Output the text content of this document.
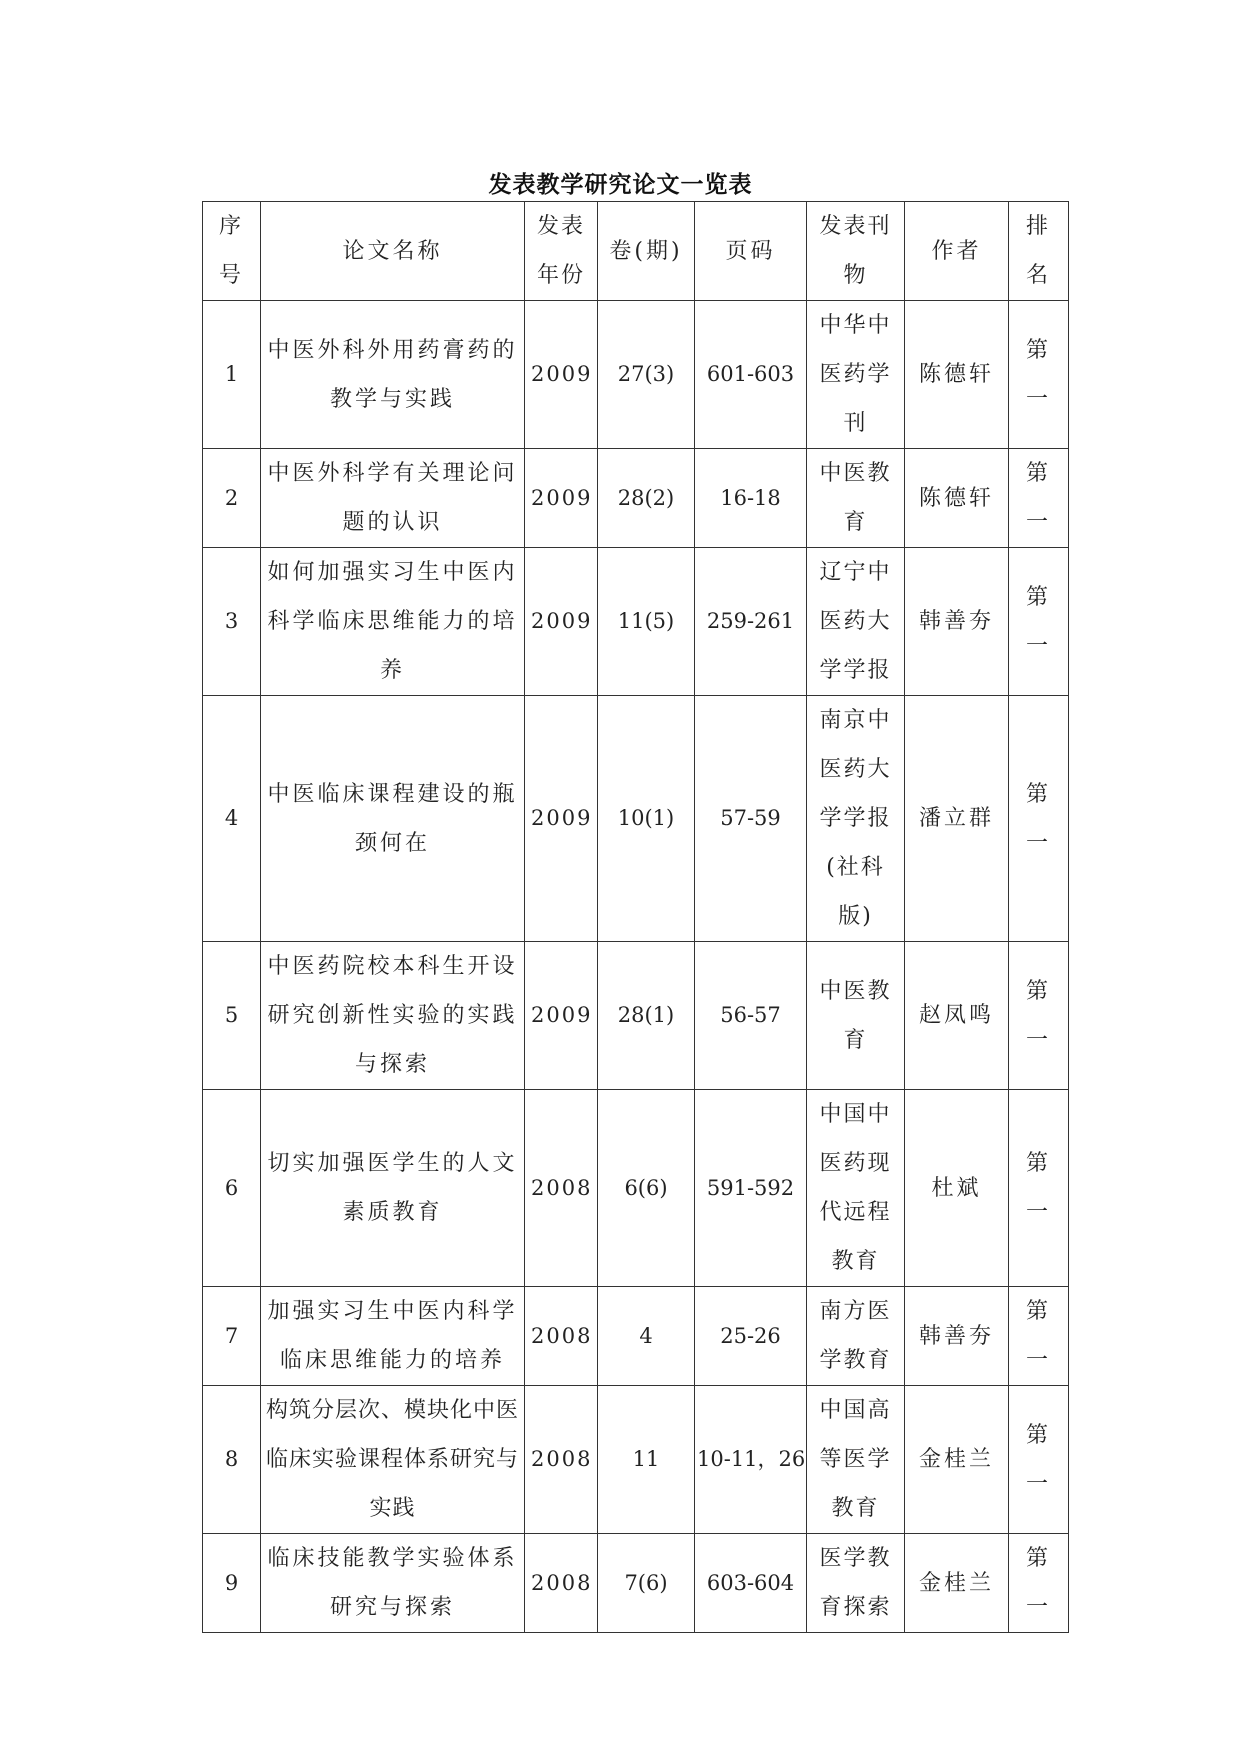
发表教学研究论文一览表
序号	论文名称	发表年份	卷(期)	页码	发表刊物	作者	排名
1	中医外科外用药膏药的教学与实践	2009	27(3)	601-603	中华中医药学刊	陈德轩	第一
2	中医外科学有关理论问题的认识	2009	28(2)	16-18	中医教育	陈德轩	第一
3	如何加强实习生中医内科学临床思维能力的培养	2009	11(5)	259-261	辽宁中医药大学学报	韩善夯	第一
4	中医临床课程建设的瓶颈何在	2009	10(1)	57-59	南京中医药大学学报(社科版)	潘立群	第一
5	中医药院校本科生开设研究创新性实验的实践与探索	2009	28(1)	56-57	中医教育	赵凤鸣	第一
6	切实加强医学生的人文素质教育	2008	6(6)	591-592	中国中医药现代远程教育	杜斌	第一
7	加强实习生中医内科学临床思维能力的培养	2008	4	25-26	南方医学教育	韩善夯	第一
8	构筑分层次、模块化中医临床实验课程体系研究与实践	2008	11	10-11，26	中国高等医学教育	金桂兰	第一
9	临床技能教学实验体系研究与探索	2008	7(6)	603-604	医学教育探索	金桂兰	第一
